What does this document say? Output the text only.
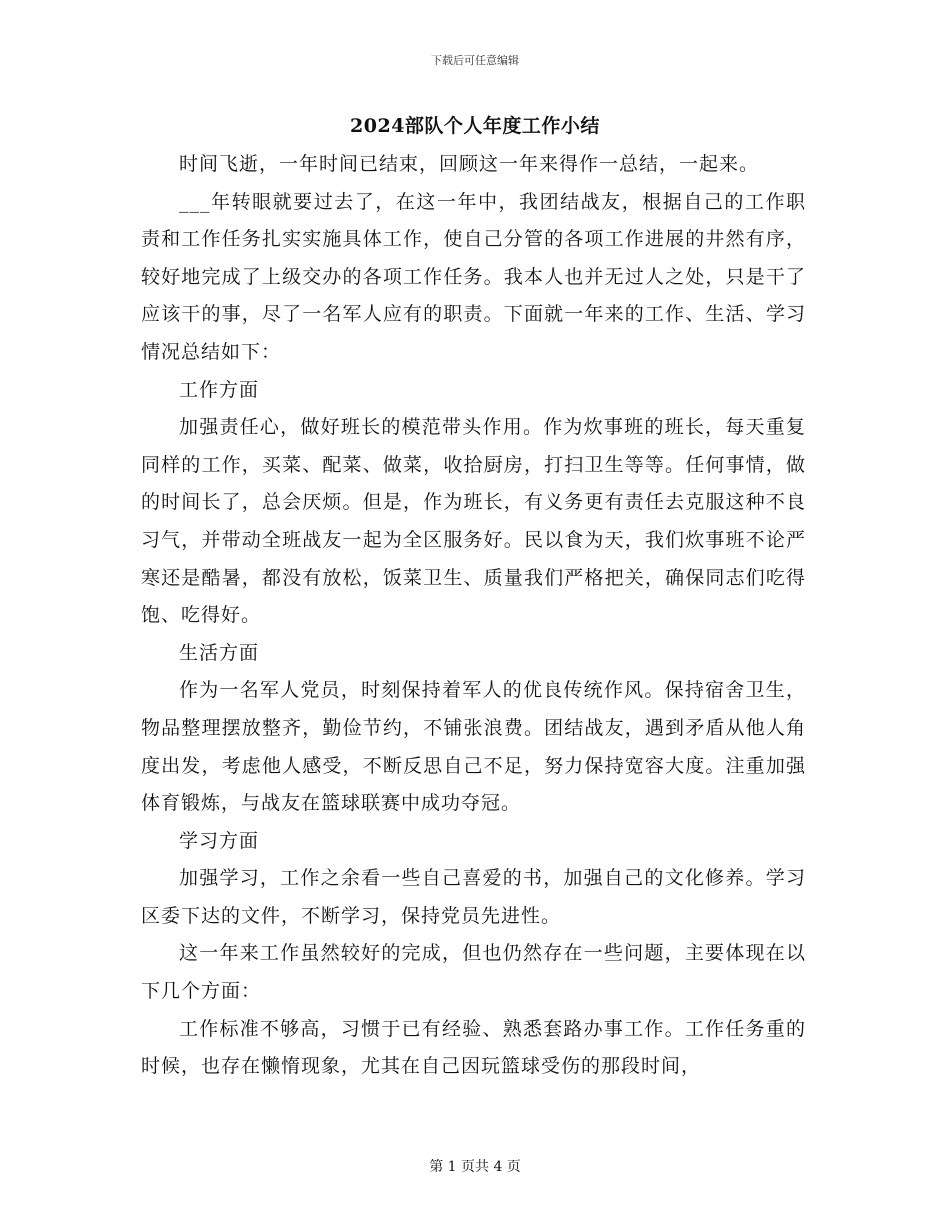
下载后可任意编辑
2024部队个人年度工作小结

时间飞逝，一年时间已结束，回顾这一年来得作一总结，一起来。

___年转眼就要过去了，在这一年中，我团结战友，根据自己的工作职责和工作任务扎实实施具体工作，使自己分管的各项工作进展的井然有序，较好地完成了上级交办的各项工作任务。我本人也并无过人之处，只是干了应该干的事，尽了一名军人应有的职责。下面就一年来的工作、生活、学习情况总结如下：

工作方面

加强责任心，做好班长的模范带头作用。作为炊事班的班长，每天重复同样的工作，买菜、配菜、做菜，收拾厨房，打扫卫生等等。任何事情，做的时间长了，总会厌烦。但是，作为班长，有义务更有责任去克服这种不良习气，并带动全班战友一起为全区服务好。民以食为天，我们炊事班不论严寒还是酷暑，都没有放松，饭菜卫生、质量我们严格把关，确保同志们吃得饱、吃得好。

生活方面

作为一名军人党员，时刻保持着军人的优良传统作风。保持宿舍卫生，物品整理摆放整齐，勤俭节约，不铺张浪费。团结战友，遇到矛盾从他人角度出发，考虑他人感受，不断反思自己不足，努力保持宽容大度。注重加强体育锻炼，与战友在篮球联赛中成功夺冠。

学习方面

加强学习，工作之余看一些自己喜爱的书，加强自己的文化修养。学习区委下达的文件，不断学习，保持党员先进性。

这一年来工作虽然较好的完成，但也仍然存在一些问题，主要体现在以下几个方面：

工作标准不够高，习惯于已有经验、熟悉套路办事工作。工作任务重的时候，也存在懒惰现象，尤其在自己因玩篮球受伤的那段时间，

第 1 页共 4 页
